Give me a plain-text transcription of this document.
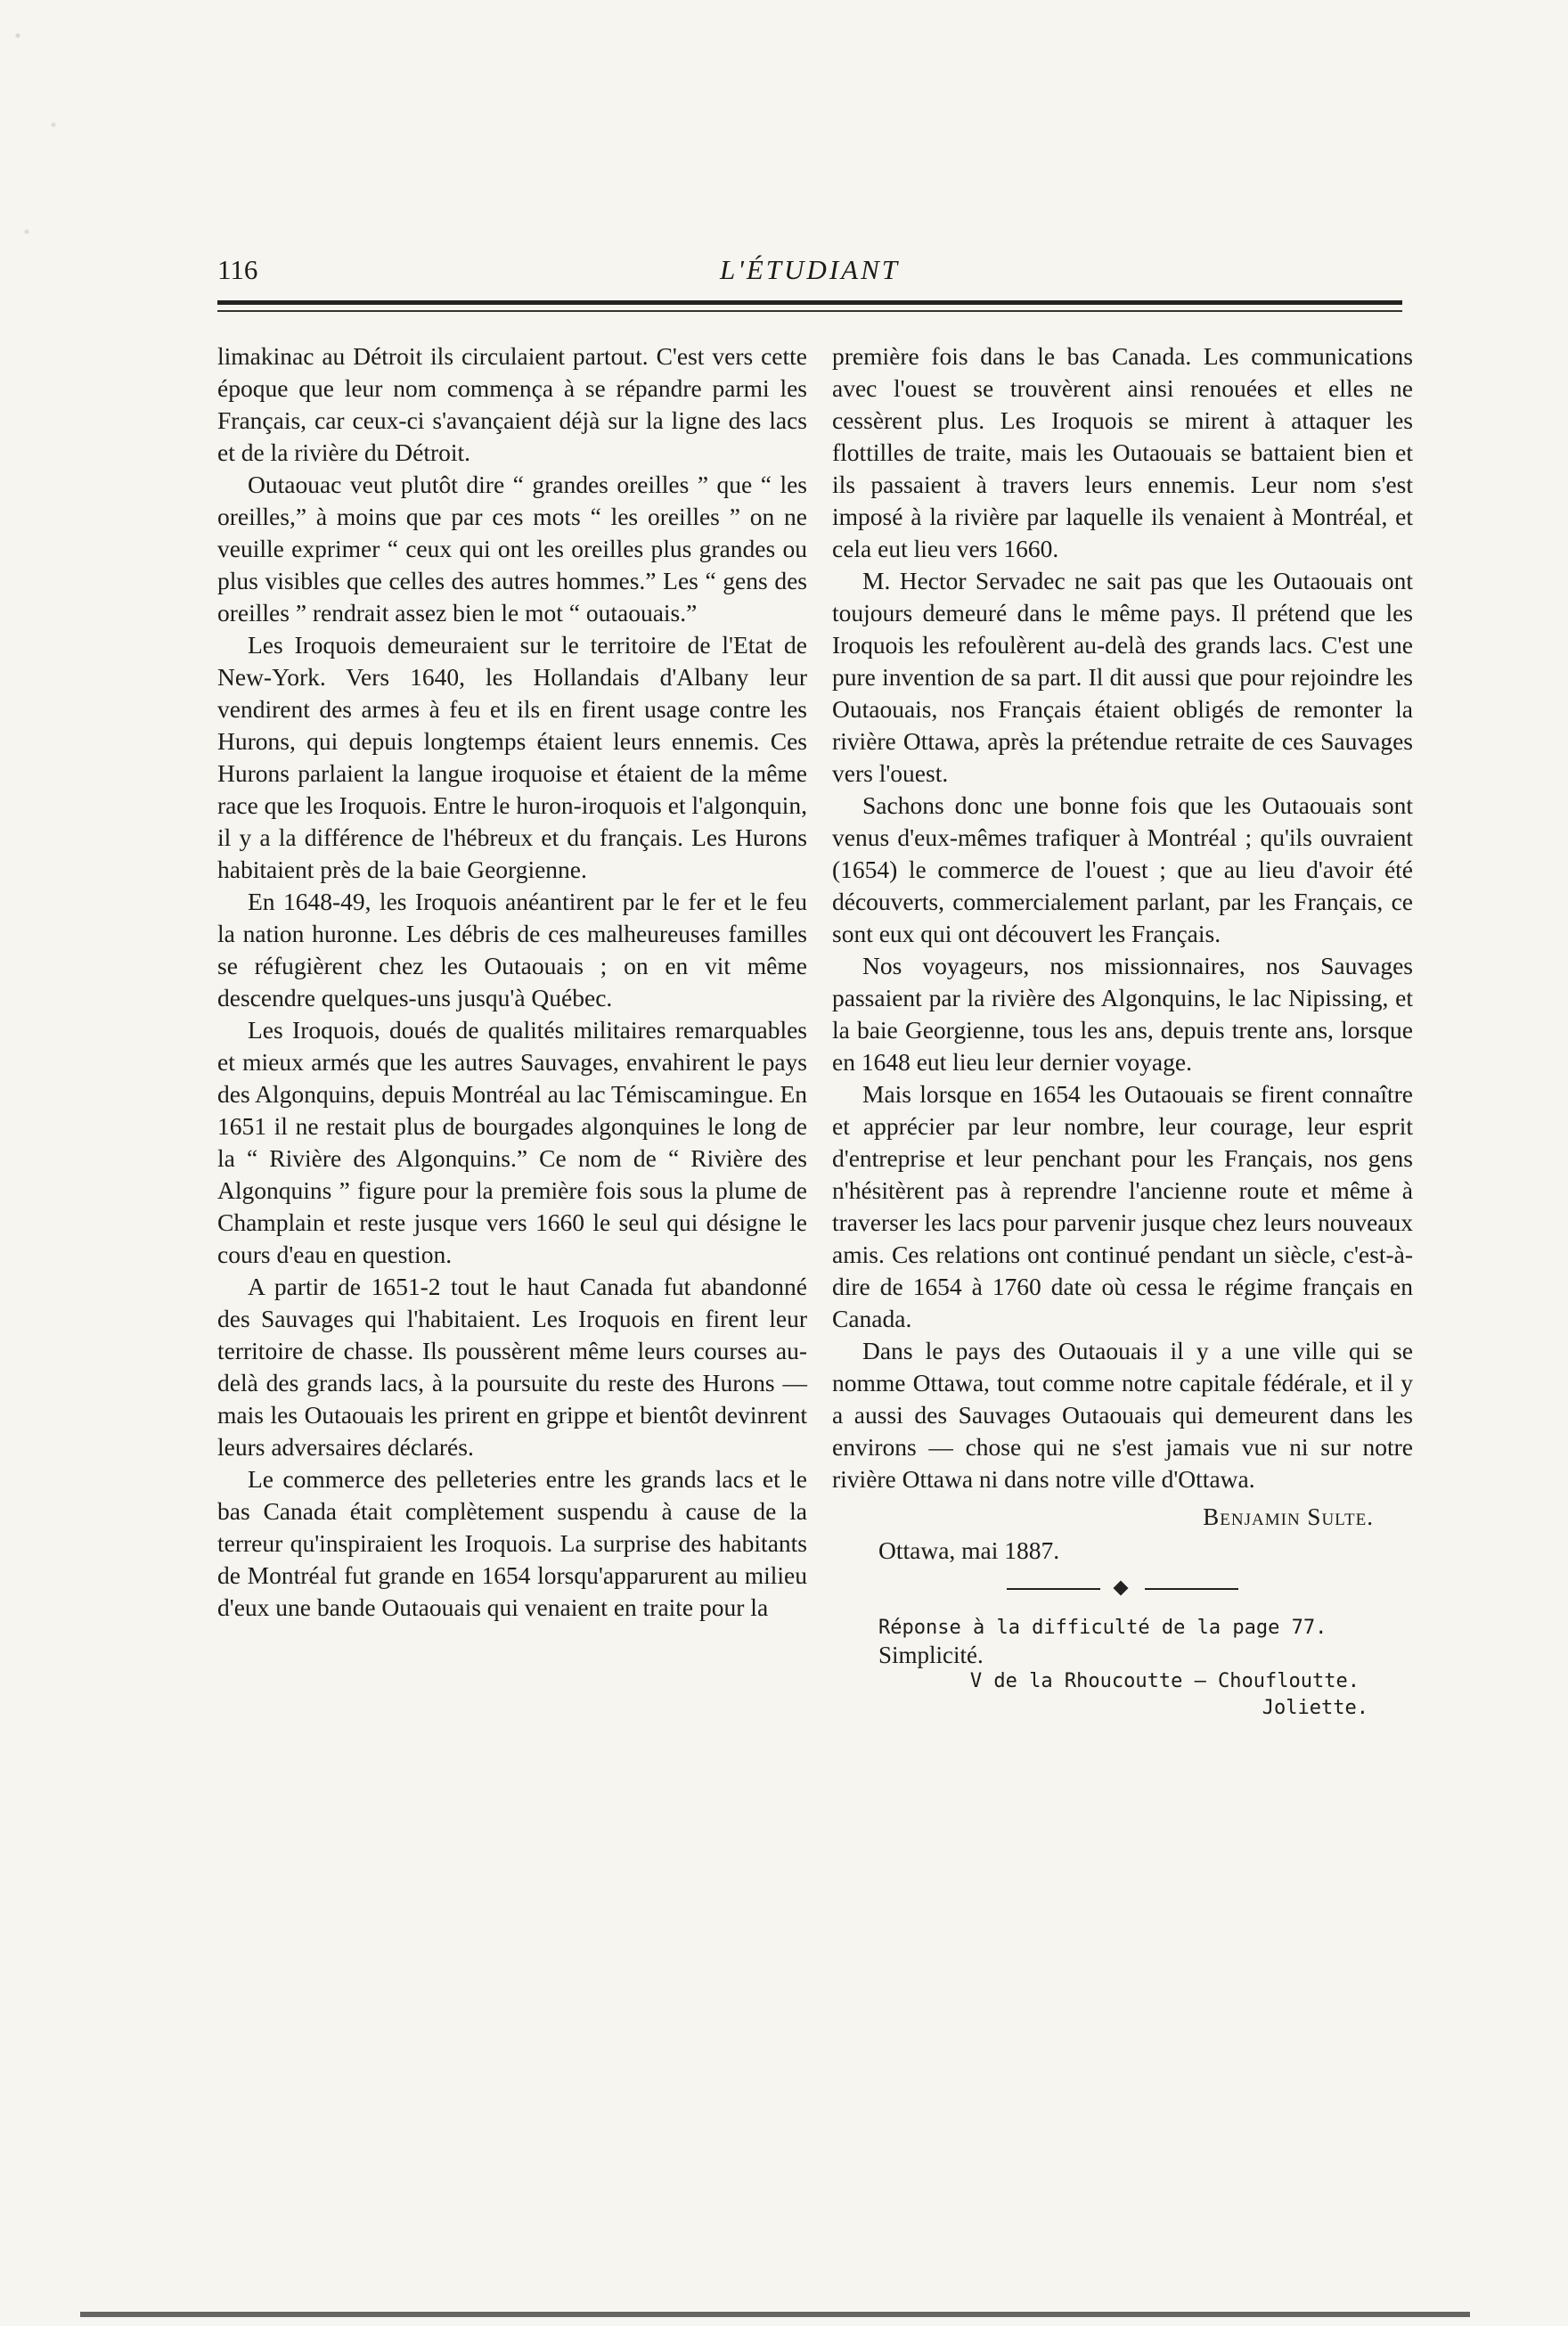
116	L'ÉTUDIANT

limakinac au Détroit ils circulaient partout. C'est vers cette époque que leur nom commença à se répandre parmi les Français, car ceux-ci s'avançaient déjà sur la ligne des lacs et de la rivière du Détroit.

Outaouac veut plutôt dire “ grandes oreilles ” que “ les oreilles,” à moins que par ces mots “ les oreilles ” on ne veuille exprimer “ ceux qui ont les oreilles plus grandes ou plus visibles que celles des autres hommes.” Les “ gens des oreilles ” rendrait assez bien le mot “ outaouais.”

Les Iroquois demeuraient sur le territoire de l'Etat de New-York. Vers 1640, les Hollandais d'Albany leur vendirent des armes à feu et ils en firent usage contre les Hurons, qui depuis longtemps étaient leurs ennemis. Ces Hurons parlaient la langue iroquoise et étaient de la même race que les Iroquois. Entre le huron-iroquois et l'algonquin, il y a la différence de l'hébreux et du français. Les Hurons habitaient près de la baie Georgienne.

En 1648-49, les Iroquois anéantirent par le fer et le feu la nation huronne. Les débris de ces malheureuses familles se réfugièrent chez les Outaouais ; on en vit même descendre quelques-uns jusqu'à Québec.

Les Iroquois, doués de qualités militaires remarquables et mieux armés que les autres Sauvages, envahirent le pays des Algonquins, depuis Montréal au lac Témiscamingue. En 1651 il ne restait plus de bourgades algonquines le long de la “ Rivière des Algonquins.” Ce nom de “ Rivière des Algonquins ” figure pour la première fois sous la plume de Champlain et reste jusque vers 1660 le seul qui désigne le cours d'eau en question.

A partir de 1651-2 tout le haut Canada fut abandonné des Sauvages qui l'habitaient. Les Iroquois en firent leur territoire de chasse. Ils poussèrent même leurs courses au-delà des grands lacs, à la poursuite du reste des Hurons — mais les Outaouais les prirent en grippe et bientôt devinrent leurs adversaires déclarés.

Le commerce des pelleteries entre les grands lacs et le bas Canada était complètement suspendu à cause de la terreur qu'inspiraient les Iroquois. La surprise des habitants de Montréal fut grande en 1654 lorsqu'apparurent au milieu d'eux une bande Outaouais qui venaient en traite pour la

première fois dans le bas Canada. Les communications avec l'ouest se trouvèrent ainsi renouées et elles ne cessèrent plus. Les Iroquois se mirent à attaquer les flottilles de traite, mais les Outaouais se battaient bien et ils passaient à travers leurs ennemis. Leur nom s'est imposé à la rivière par laquelle ils venaient à Montréal, et cela eut lieu vers 1660.

M. Hector Servadec ne sait pas que les Outaouais ont toujours demeuré dans le même pays. Il prétend que les Iroquois les refoulèrent au-delà des grands lacs. C'est une pure invention de sa part. Il dit aussi que pour rejoindre les Outaouais, nos Français étaient obligés de remonter la rivière Ottawa, après la prétendue retraite de ces Sauvages vers l'ouest.

Sachons donc une bonne fois que les Outaouais sont venus d'eux-mêmes trafiquer à Montréal ; qu'ils ouvraient (1654) le commerce de l'ouest ; que au lieu d'avoir été découverts, commercialement parlant, par les Français, ce sont eux qui ont découvert les Français.

Nos voyageurs, nos missionnaires, nos Sauvages passaient par la rivière des Algonquins, le lac Nipissing, et la baie Georgienne, tous les ans, depuis trente ans, lorsque en 1648 eut lieu leur dernier voyage.

Mais lorsque en 1654 les Outaouais se firent connaître et apprécier par leur nombre, leur courage, leur esprit d'entreprise et leur penchant pour les Français, nos gens n'hésitèrent pas à reprendre l'ancienne route et même à traverser les lacs pour parvenir jusque chez leurs nouveaux amis. Ces relations ont continué pendant un siècle, c'est-à-dire de 1654 à 1760 date où cessa le régime français en Canada.

Dans le pays des Outaouais il y a une ville qui se nomme Ottawa, tout comme notre capitale fédérale, et il y a aussi des Sauvages Outaouais qui demeurent dans les environs — chose qui ne s'est jamais vue ni sur notre rivière Ottawa ni dans notre ville d'Ottawa.

Benjamin Sulte.
Ottawa, mai 1887.
Réponse à la difficulté de la page 77.
Simplicité.
V de la Rhoucoutte — Choufloutte.
Joliette.
